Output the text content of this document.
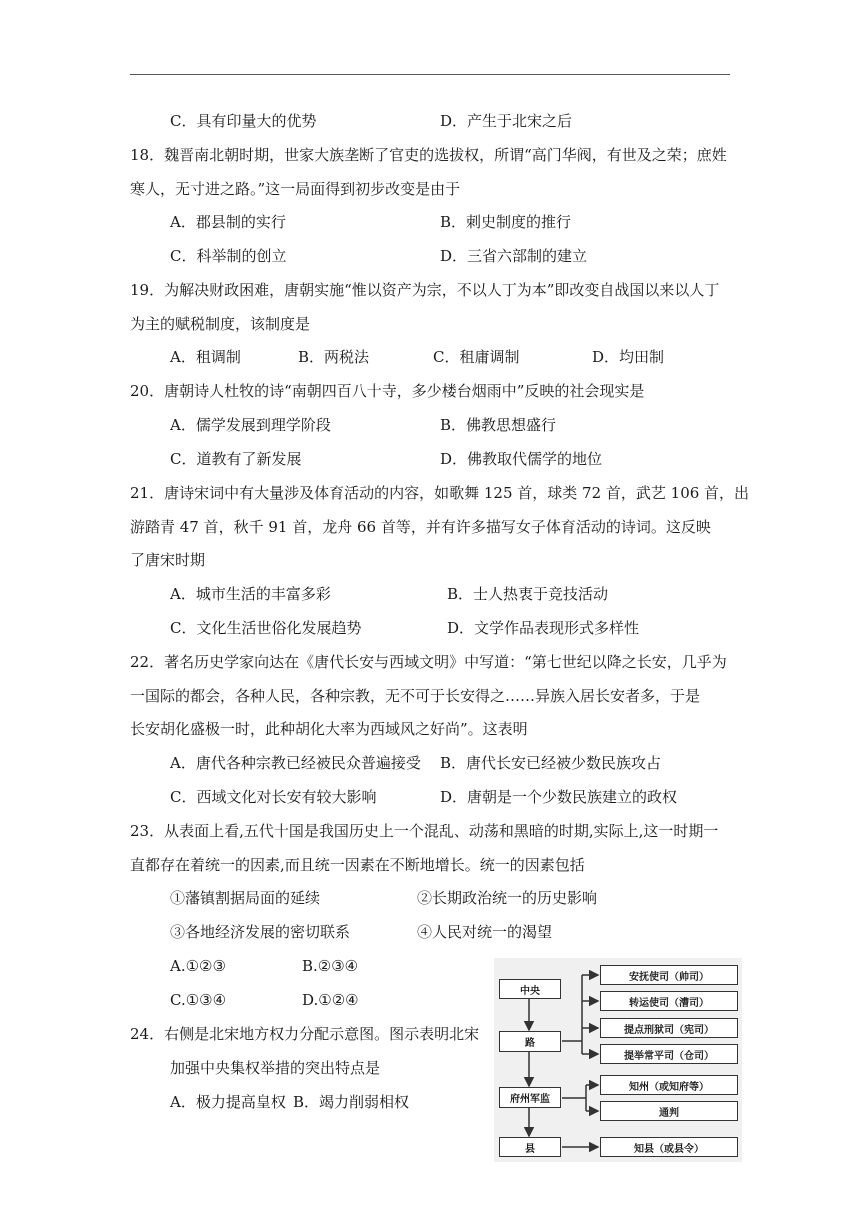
C．具有印量大的优势	D．产生于北宋之后
18．魏晋南北朝时期，世家大族垄断了官吏的选拔权，所谓“高门华阀，有世及之荣；庶姓
寒人，无寸进之路。”这一局面得到初步改变是由于
A．郡县制的实行	B．刺史制度的推行
C．科举制的创立	D．三省六部制的建立
19．为解决财政困难，唐朝实施“惟以资产为宗，不以人丁为本”即改变自战国以来以人丁
为主的赋税制度，该制度是
A．租调制	B．两税法	C．租庸调制	D．均田制
20．唐朝诗人杜牧的诗“南朝四百八十寺，多少楼台烟雨中”反映的社会现实是
A．儒学发展到理学阶段	B．佛教思想盛行
C．道教有了新发展	D．佛教取代儒学的地位
21．唐诗宋词中有大量涉及体育活动的内容，如歌舞 125 首，球类 72 首，武艺 106 首，出
游踏青 47 首，秋千 91 首，龙舟 66 首等，并有许多描写女子体育活动的诗词。这反映
了唐宋时期
A．城市生活的丰富多彩	B．士人热衷于竞技活动
C．文化生活世俗化发展趋势	D．文学作品表现形式多样性
22．著名历史学家向达在《唐代长安与西域文明》中写道：“第七世纪以降之长安，几乎为
一国际的都会，各种人民，各种宗教，无不可于长安得之……异族入居长安者多，于是
长安胡化盛极一时，此种胡化大率为西域风之好尚”。这表明
A．唐代各种宗教已经被民众普遍接受 B．唐代长安已经被少数民族攻占
C．西域文化对长安有较大影响	D．唐朝是一个少数民族建立的政权
23．从表面上看,五代十国是我国历史上一个混乱、动荡和黑暗的时期,实际上,这一时期一
直都存在着统一的因素,而且统一因素在不断地增长。统一的因素包括
①藩镇割据局面的延续	②长期政治统一的历史影响
③各地经济发展的密切联系	④人民对统一的渴望
A.①②③	B.②③④
C.①③④	D.①②④
24．右侧是北宋地方权力分配示意图。图示表明北宋
加强中央集权举措的突出特点是
A．极力提高皇权 B．竭力削弱相权
中央
路
府州军监
县
安抚使司（帅司）
转运使司（漕司）
提点刑狱司（宪司）
提举常平司（仓司）
知州（或知府等）
通判
知县（或县令）
